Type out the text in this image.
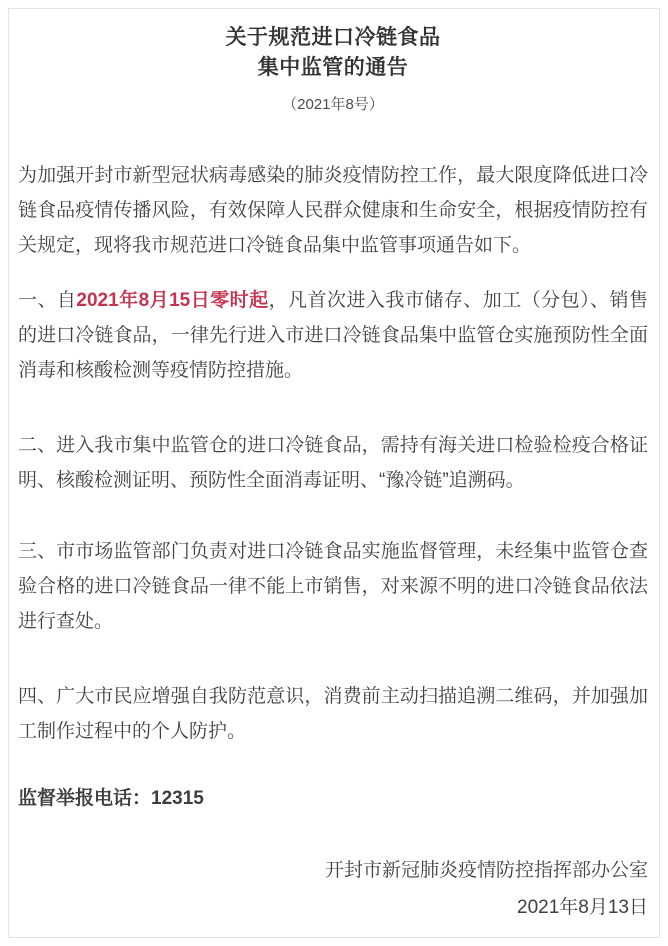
关于规范进口冷链食品
集中监管的通告
（2021年8号）

为加强开封市新型冠状病毒感染的肺炎疫情防控工作，最大限度降低进口冷链食品疫情传播风险，有效保障人民群众健康和生命安全，根据疫情防控有关规定，现将我市规范进口冷链食品集中监管事项通告如下。

一、自2021年8月15日零时起，凡首次进入我市储存、加工（分包）、销售的进口冷链食品，一律先行进入市进口冷链食品集中监管仓实施预防性全面消毒和核酸检测等疫情防控措施。

二、进入我市集中监管仓的进口冷链食品，需持有海关进口检验检疫合格证明、核酸检测证明、预防性全面消毒证明、“豫冷链”追溯码。

三、市市场监管部门负责对进口冷链食品实施监督管理，未经集中监管仓查验合格的进口冷链食品一律不能上市销售，对来源不明的进口冷链食品依法进行查处。

四、广大市民应增强自我防范意识，消费前主动扫描追溯二维码，并加强加工制作过程中的个人防护。

监督举报电话：12315

开封市新冠肺炎疫情防控指挥部办公室
2021年8月13日
